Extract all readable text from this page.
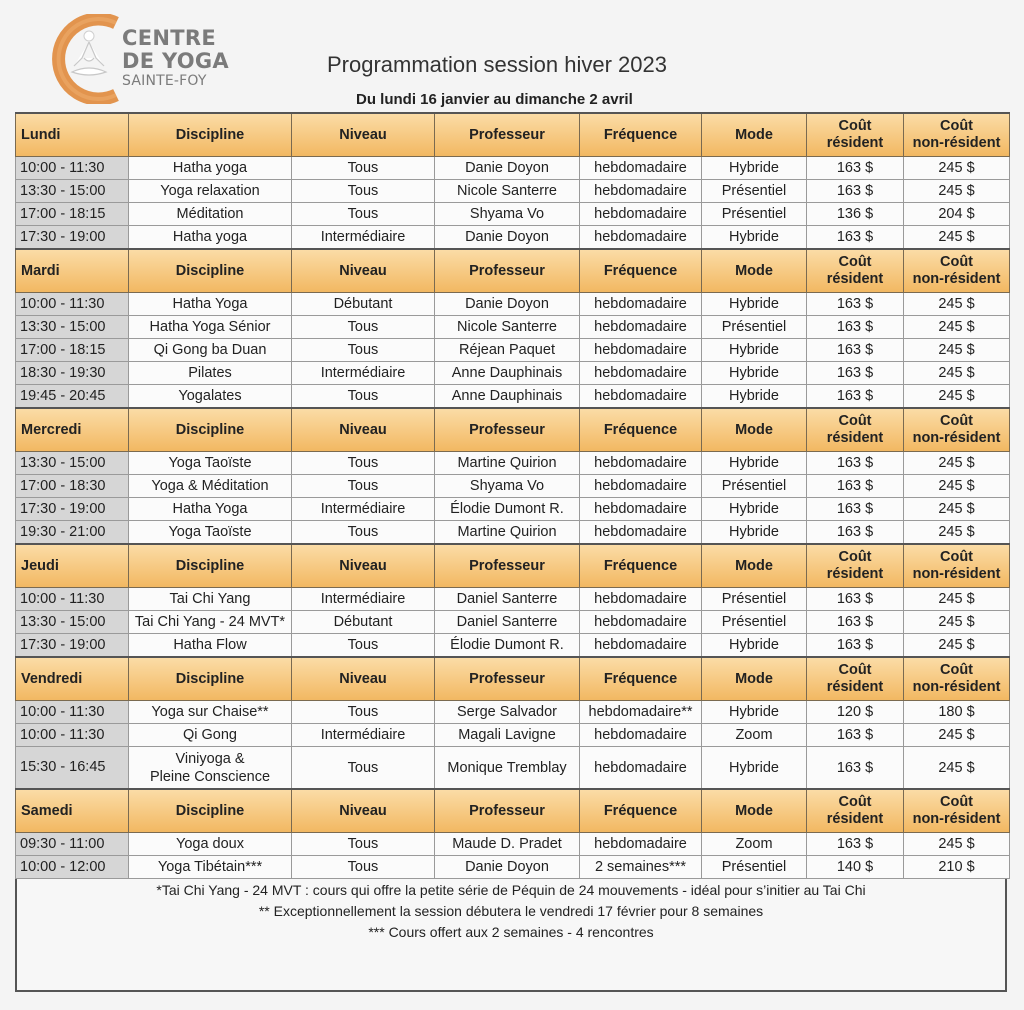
CENTRE
DE YOGA
SAINTE-FOY
Programmation session hiver 2023
Du lundi 16 janvier au dimanche 2 avril
Lundi	Discipline	Niveau	Professeur	Fréquence	Mode	Coût
résident	Coût
non-résident
10:00 - 11:30	Hatha yoga	Tous	Danie Doyon	hebdomadaire	Hybride	163 $	245 $
13:30 - 15:00	Yoga relaxation	Tous	Nicole Santerre	hebdomadaire	Présentiel	163 $	245 $
17:00 - 18:15	Méditation	Tous	Shyama Vo	hebdomadaire	Présentiel	136 $	204 $
17:30 - 19:00	Hatha yoga	Intermédiaire	Danie Doyon	hebdomadaire	Hybride	163 $	245 $
Mardi	Discipline	Niveau	Professeur	Fréquence	Mode	Coût
résident	Coût
non-résident
10:00 - 11:30	Hatha Yoga	Débutant	Danie Doyon	hebdomadaire	Hybride	163 $	245 $
13:30 - 15:00	Hatha Yoga Sénior	Tous	Nicole Santerre	hebdomadaire	Présentiel	163 $	245 $
17:00 - 18:15	Qi Gong ba Duan	Tous	Réjean Paquet	hebdomadaire	Hybride	163 $	245 $
18:30 - 19:30	Pilates	Intermédiaire	Anne Dauphinais	hebdomadaire	Hybride	163 $	245 $
19:45 - 20:45	Yogalates	Tous	Anne Dauphinais	hebdomadaire	Hybride	163 $	245 $
Mercredi	Discipline	Niveau	Professeur	Fréquence	Mode	Coût
résident	Coût
non-résident
13:30 - 15:00	Yoga Taoïste	Tous	Martine Quirion	hebdomadaire	Hybride	163 $	245 $
17:00 - 18:30	Yoga & Méditation	Tous	Shyama Vo	hebdomadaire	Présentiel	163 $	245 $
17:30 - 19:00	Hatha Yoga	Intermédiaire	Élodie Dumont R.	hebdomadaire	Hybride	163 $	245 $
19:30 - 21:00	Yoga Taoïste	Tous	Martine Quirion	hebdomadaire	Hybride	163 $	245 $
Jeudi	Discipline	Niveau	Professeur	Fréquence	Mode	Coût
résident	Coût
non-résident
10:00 - 11:30	Tai Chi Yang	Intermédiaire	Daniel Santerre	hebdomadaire	Présentiel	163 $	245 $
13:30 - 15:00	Tai Chi Yang - 24 MVT*	Débutant	Daniel Santerre	hebdomadaire	Présentiel	163 $	245 $
17:30 - 19:00	Hatha Flow	Tous	Élodie Dumont R.	hebdomadaire	Hybride	163 $	245 $
Vendredi	Discipline	Niveau	Professeur	Fréquence	Mode	Coût
résident	Coût
non-résident
10:00 - 11:30	Yoga sur Chaise**	Tous	Serge Salvador	hebdomadaire**	Hybride	120 $	180 $
10:00 - 11:30	Qi Gong	Intermédiaire	Magali Lavigne	hebdomadaire	Zoom	163 $	245 $
15:30 - 16:45	Viniyoga &
Pleine Conscience	Tous	Monique Tremblay	hebdomadaire	Hybride	163 $	245 $
Samedi	Discipline	Niveau	Professeur	Fréquence	Mode	Coût
résident	Coût
non-résident
09:30 - 11:00	Yoga doux	Tous	Maude D. Pradet	hebdomadaire	Zoom	163 $	245 $
10:00 - 12:00	Yoga Tibétain***	Tous	Danie Doyon	2 semaines***	Présentiel	140 $	210 $
*Tai Chi Yang - 24 MVT : cours qui offre la petite série de Péquin de 24 mouvements - idéal pour s’initier au Tai Chi
** Exceptionnellement la session débutera le vendredi 17 février pour 8 semaines
*** Cours offert aux 2 semaines - 4 rencontres
